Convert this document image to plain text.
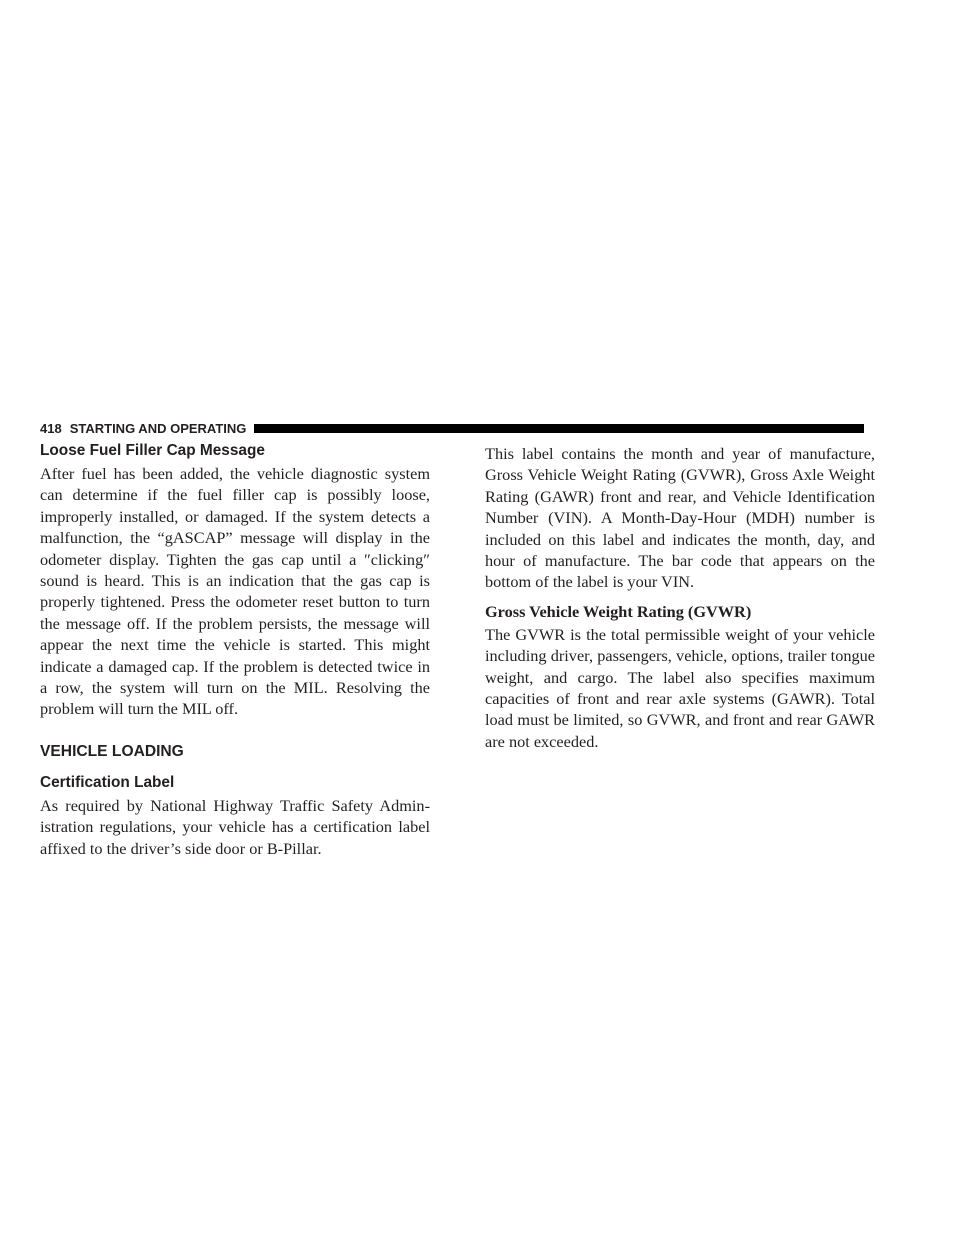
418 STARTING AND OPERATING
Loose Fuel Filler Cap Message

After fuel has been added, the vehicle diagnostic system can determine if the fuel filler cap is possibly loose, improperly installed, or damaged. If the system detects a malfunction, the “gASCAP” message will display in the odometer display. Tighten the gas cap until a ″clicking″ sound is heard. This is an indication that the gas cap is properly tightened. Press the odometer reset button to turn the message off. If the problem persists, the message will appear the next time the vehicle is started. This might indicate a damaged cap. If the problem is detected twice in a row, the system will turn on the MIL. Resolving the problem will turn the MIL off.

VEHICLE LOADING
Certification Label

As required by National Highway Traffic Safety Administration regulations, your vehicle has a certification label affixed to the driver’s side door or B-Pillar.

This label contains the month and year of manufacture, Gross Vehicle Weight Rating (GVWR), Gross Axle Weight Rating (GAWR) front and rear, and Vehicle Identification Number (VIN). A Month-Day-Hour (MDH) number is included on this label and indicates the month, day, and hour of manufacture. The bar code that appears on the bottom of the label is your VIN.

Gross Vehicle Weight Rating (GVWR)

The GVWR is the total permissible weight of your vehicle including driver, passengers, vehicle, options, trailer tongue weight, and cargo. The label also specifies maximum capacities of front and rear axle systems (GAWR). Total load must be limited, so GVWR, and front and rear GAWR are not exceeded.
